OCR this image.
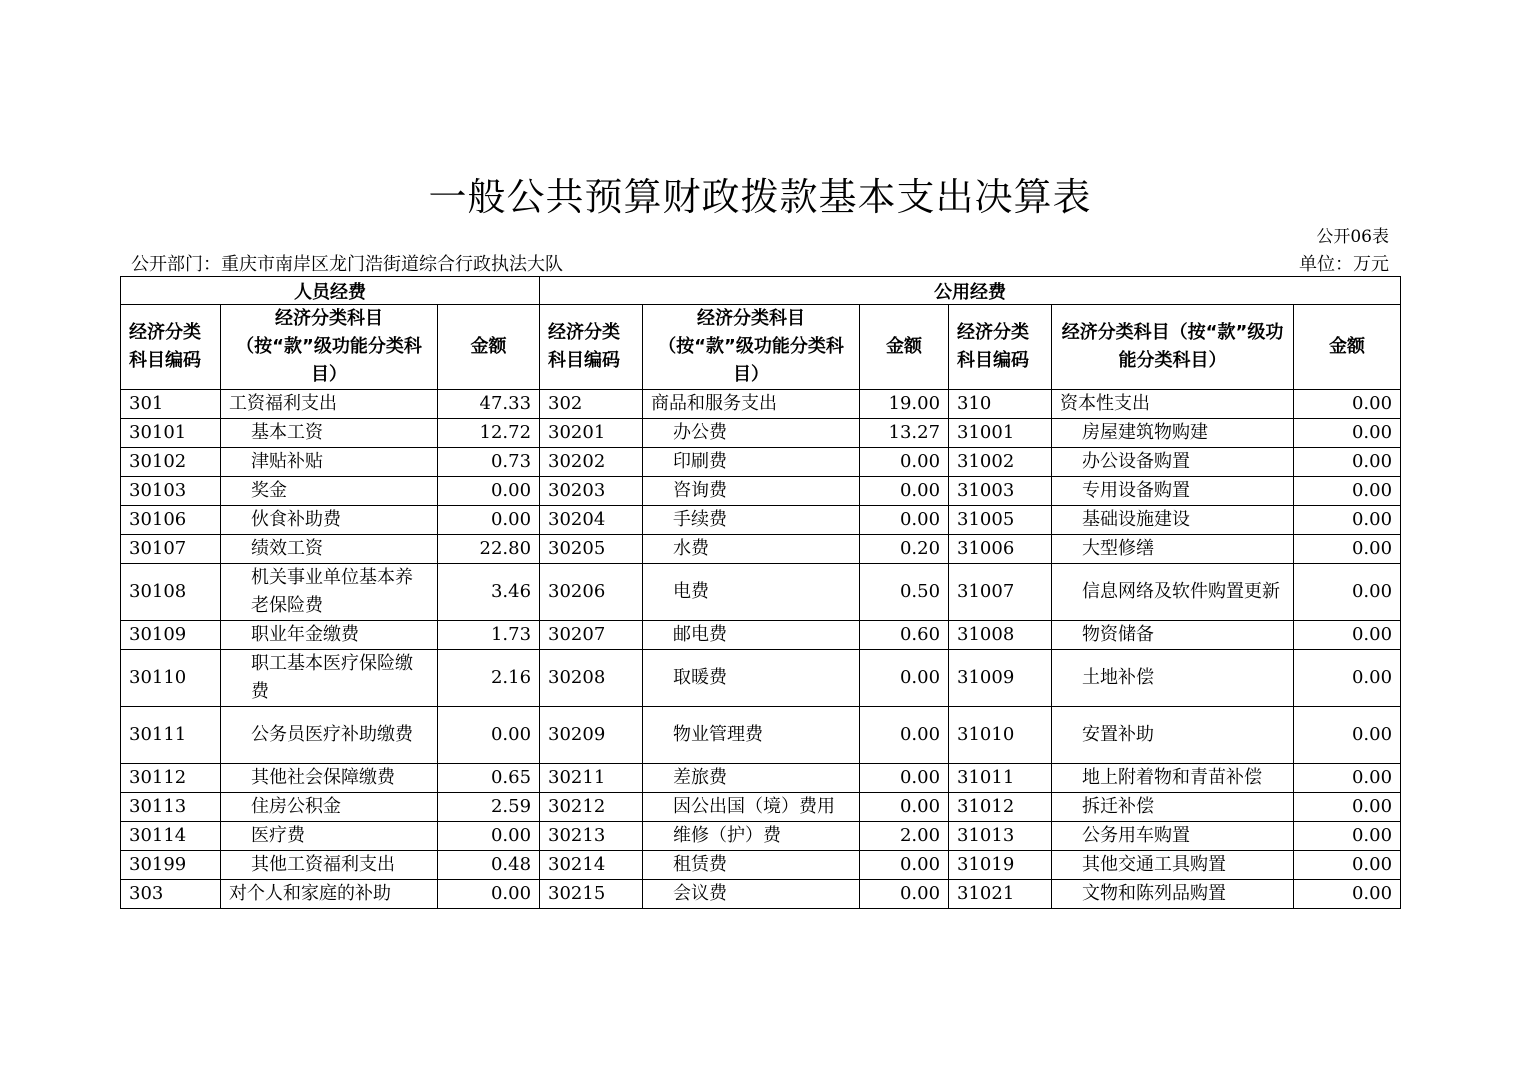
一般公共预算财政拨款基本支出决算表
公开06表
公开部门：重庆市南岸区龙门浩街道综合行政执法大队	单位：万元
人员经费			公用经费					
经济分类科目编码	经济分类科目（按“款”级功能分类科目）	金额	经济分类科目编码	经济分类科目（按“款”级功能分类科目）	金额	经济分类科目编码	经济分类科目（按“款”级功能分类科目）	金额
301	工资福利支出	47.33	302	商品和服务支出	19.00	310	资本性支出	0.00
30101	基本工资	12.72	30201	办公费	13.27	31001	房屋建筑物购建	0.00
30102	津贴补贴	0.73	30202	印刷费	0.00	31002	办公设备购置	0.00
30103	奖金	0.00	30203	咨询费	0.00	31003	专用设备购置	0.00
30106	伙食补助费	0.00	30204	手续费	0.00	31005	基础设施建设	0.00
30107	绩效工资	22.80	30205	水费	0.20	31006	大型修缮	0.00
30108	机关事业单位基本养老保险费	3.46	30206	电费	0.50	31007	信息网络及软件购置更新	0.00
30109	职业年金缴费	1.73	30207	邮电费	0.60	31008	物资储备	0.00
30110	职工基本医疗保险缴费	2.16	30208	取暖费	0.00	31009	土地补偿	0.00
30111	公务员医疗补助缴费	0.00	30209	物业管理费	0.00	31010	安置补助	0.00
30112	其他社会保障缴费	0.65	30211	差旅费	0.00	31011	地上附着物和青苗补偿	0.00
30113	住房公积金	2.59	30212	因公出国（境）费用	0.00	31012	拆迁补偿	0.00
30114	医疗费	0.00	30213	维修（护）费	2.00	31013	公务用车购置	0.00
30199	其他工资福利支出	0.48	30214	租赁费	0.00	31019	其他交通工具购置	0.00
303	对个人和家庭的补助	0.00	30215	会议费	0.00	31021	文物和陈列品购置	0.00
